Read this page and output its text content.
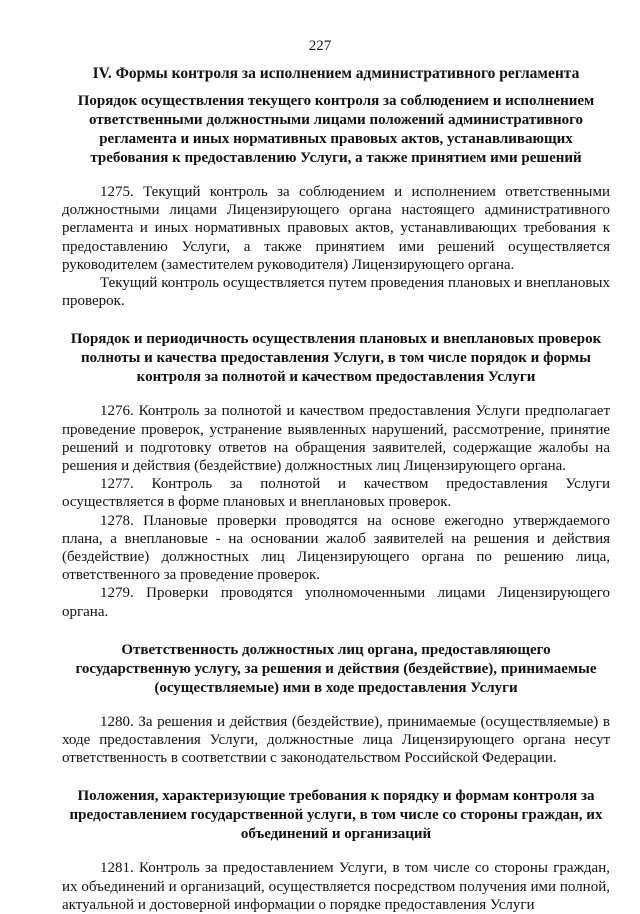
227
IV. Формы контроля за исполнением административного регламента
Порядок осуществления текущего контроля за соблюдением и исполнением ответственными должностными лицами положений административного регламента и иных нормативных правовых актов, устанавливающих требования к предоставлению Услуги, а также принятием ими решений

1275. Текущий контроль за соблюдением и исполнением ответственными должностными лицами Лицензирующего органа настоящего административного регламента и иных нормативных правовых актов, устанавливающих требования к предоставлению Услуги, а также принятием ими решений осуществляется руководителем (заместителем руководителя) Лицензирующего органа.

Текущий контроль осуществляется путем проведения плановых и внеплановых проверок.

Порядок и периодичность осуществления плановых и внеплановых проверок полноты и качества предоставления Услуги, в том числе порядок и формы контроля за полнотой и качеством предоставления Услуги

1276. Контроль за полнотой и качеством предоставления Услуги предполагает проведение проверок, устранение выявленных нарушений, рассмотрение, принятие решений и подготовку ответов на обращения заявителей, содержащие жалобы на решения и действия (бездействие) должностных лиц Лицензирующего органа.

1277. Контроль за полнотой и качеством предоставления Услуги осуществляется в форме плановых и внеплановых проверок.

1278. Плановые проверки проводятся на основе ежегодно утверждаемого плана, а внеплановые - на основании жалоб заявителей на решения и действия (бездействие) должностных лиц Лицензирующего органа по решению лица, ответственного за проведение проверок.

1279. Проверки проводятся уполномоченными лицами Лицензирующего органа.

Ответственность должностных лиц органа, предоставляющего государственную услугу, за решения и действия (бездействие), принимаемые (осуществляемые) ими в ходе предоставления Услуги

1280. За решения и действия (бездействие), принимаемые (осуществляемые) в ходе предоставления Услуги, должностные лица Лицензирующего органа несут ответственность в соответствии с законодательством Российской Федерации.

Положения, характеризующие требования к порядку и формам контроля за предоставлением государственной услуги, в том числе со стороны граждан, их объединений и организаций

1281. Контроль за предоставлением Услуги, в том числе со стороны граждан, их объединений и организаций, осуществляется посредством получения ими полной, актуальной и достоверной информации о порядке предоставления Услуги
